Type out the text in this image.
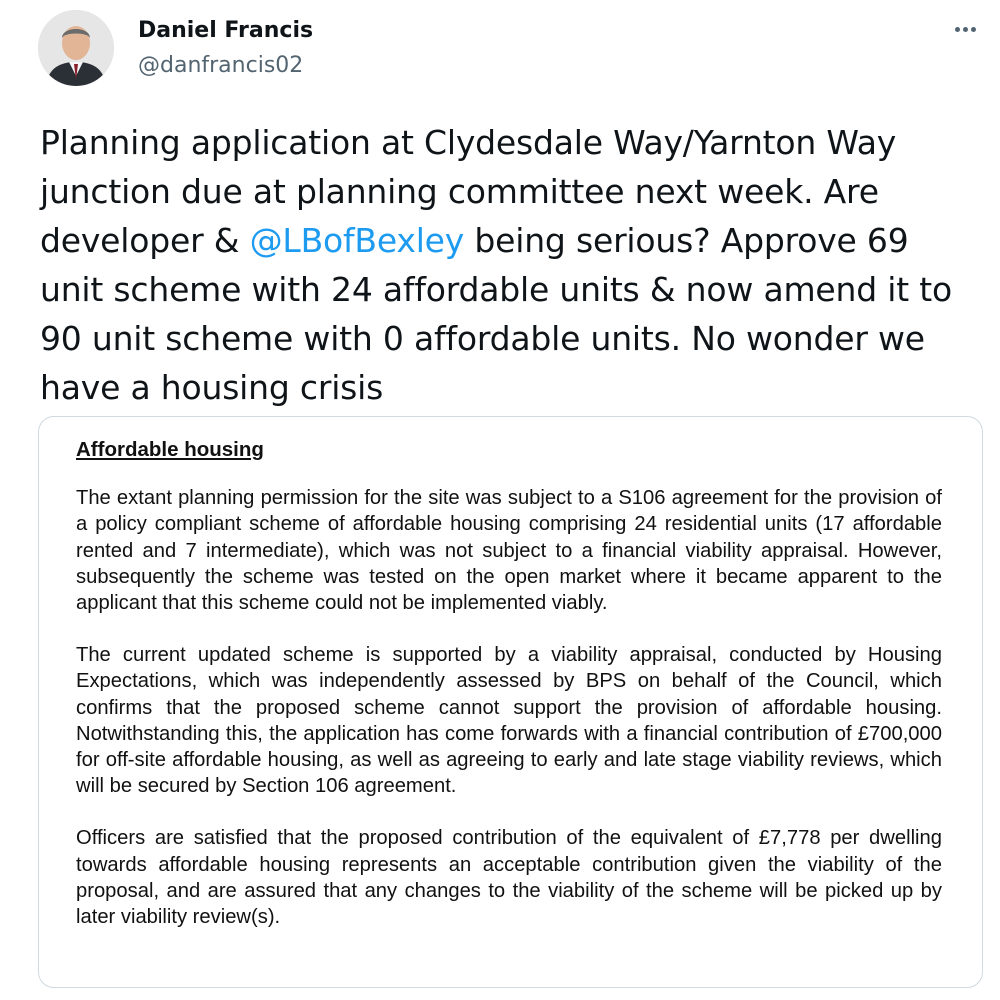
Daniel Francis
@danfrancis02
Planning application at Clydesdale Way/Yarnton Way junction due at planning committee next week. Are developer & @LBofBexley being serious? Approve 69 unit scheme with 24 affordable units & now amend it to 90 unit scheme with 0 affordable units. No wonder we have a housing crisis
Affordable housing
The extant planning permission for the site was subject to a S106 agreement for the provision of a policy compliant scheme of affordable housing comprising 24 residential units (17 affordable rented and 7 intermediate), which was not subject to a financial viability appraisal. However, subsequently the scheme was tested on the open market where it became apparent to the applicant that this scheme could not be implemented viably.
The current updated scheme is supported by a viability appraisal, conducted by Housing Expectations, which was independently assessed by BPS on behalf of the Council, which confirms that the proposed scheme cannot support the provision of affordable housing. Notwithstanding this, the application has come forwards with a financial contribution of £700,000 for off-site affordable housing, as well as agreeing to early and late stage viability reviews, which will be secured by Section 106 agreement.
Officers are satisfied that the proposed contribution of the equivalent of £7,778 per dwelling towards affordable housing represents an acceptable contribution given the viability of the proposal, and are assured that any changes to the viability of the scheme will be picked up by later viability review(s).
